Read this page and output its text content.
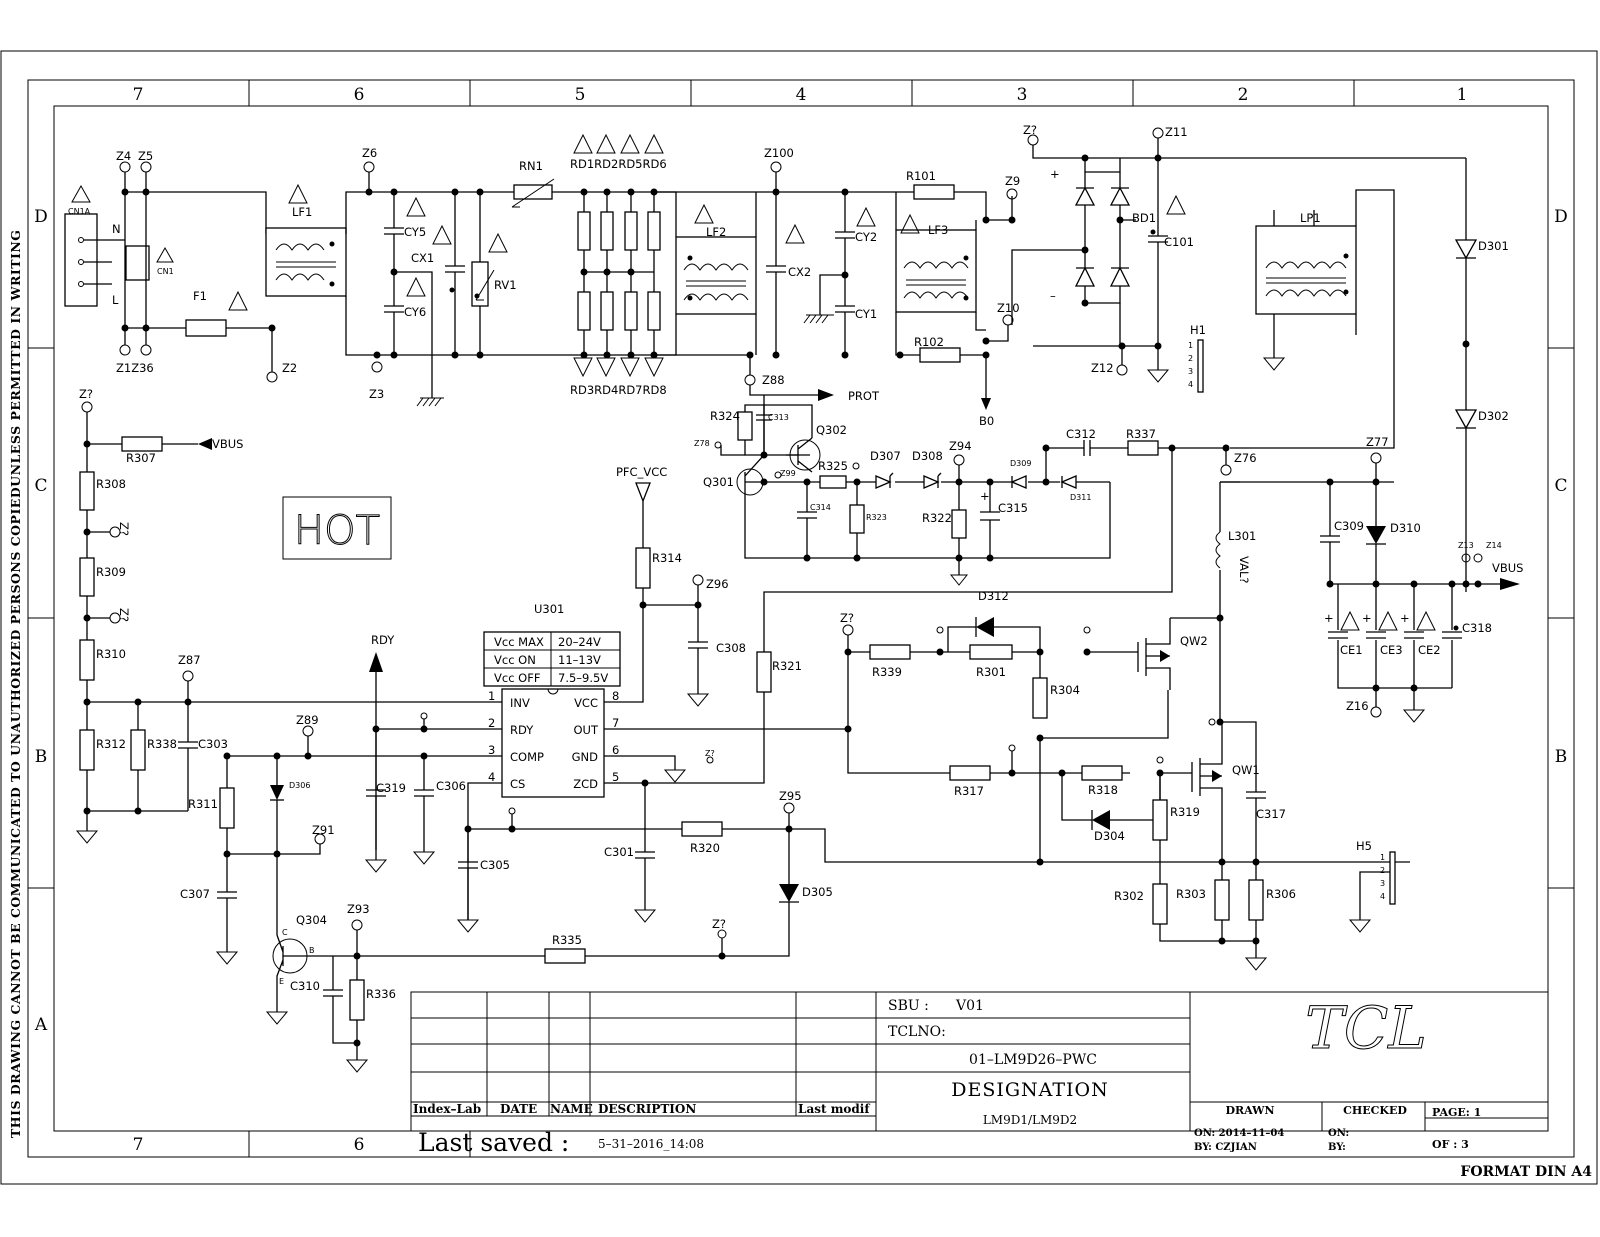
7	6	5	4	3	2	1
7	6
D
C
B
A
D
C
B
THIS DRAWING CANNOT BE COMMUNICATED TO UNAUTHORIZED PERSONS COPIEDUNLESS PERMITTED IN WRITING
CN1A
N
L
CN1
F1
Z4 Z5
Z1Z36	Z2
LF1
Z6
CY5
CY6
CX1
RV1
RN1
Z3
RD1RD2RD5RD6
RD3RD4RD7RD8
LF2
Z100
CX2
CY2
CY1
Z88
LF3
R101
R102
B0
Z9
Z10
Z?
+
–
BD1
C101
Z11
Z12
H1
1
2
3
4
LP1
D301
D302
Z?
R307
VBUS
R308
R309
R310
R312 R338 C303
Z87
HOT
Z?
Z?
Vcc MAX 20–24V
Vcc ON 11–13V
Vcc OFF 7.5–9.5V
U301
INV
RDY
COMP
CS
VCC
OUT
GND
ZCD
1
2
3
4
8
7
6
5
Z?
PFC_VCC
R314
Z96
C308
R321
RDY
C319	C306
Z89
R311
C307
D306
Z91
Q304
C
B
E C310
R336
Z93
R335
Z?
D305
Z95
R320
C305
C301
PROT
R324	C313
Q302
Z78
Q301
Z99
R325
D307 D308
D309
D311
C314
R323	R322
+
C315
Z94
C312	R337
Z76
L301
VAL?
Z?
R339	R301
D312
R304
QW2
R317	R318
D304
R319
QW1
C317
R302	R303	R306
C309
Z77
D310
VBUS
Z13 Z14
+ + +
CE1 CE3 CE2
C318
Z16
H5
1
2
3
4
SBU : V01
TCLNO:
01–LM9D26–PWC
DESIGNATION
LM9D1/LM9D2
Index–Lab DATE NAME DESCRIPTION	Last modif
Last saved : 5–31–2016_14:08
TCL
DRAWN
ON: 2014–11–04
BY: CZJIAN
CHECKED
ON:
BY:
PAGE: 1
OF : 3
FORMAT DIN A4
